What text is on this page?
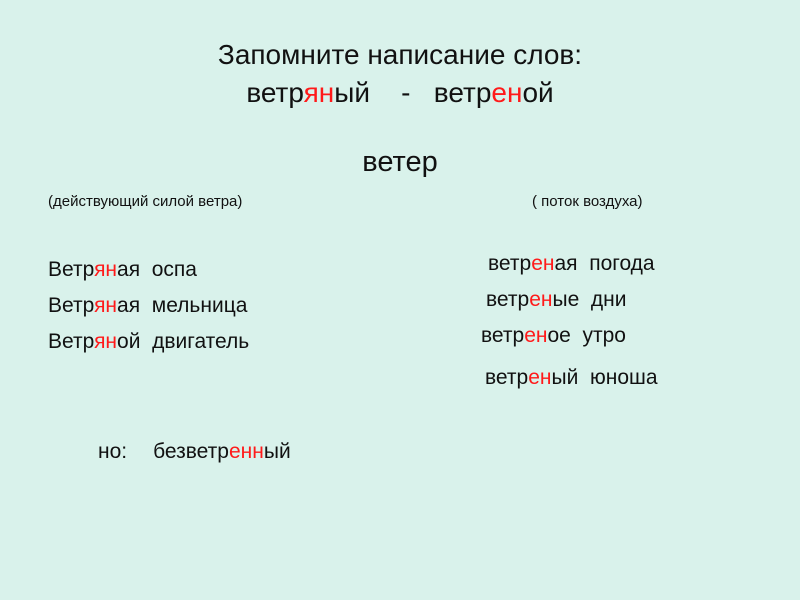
Запомните написание слов:
ветряный    -   ветреной
ветер
(действующий силой ветра)	( поток воздуха)
Ветряная  оспа
Ветряная  мельница
Ветряной  двигатель
ветреная  погода
ветреные  дни
ветреное  утро
ветреный  юноша
но: безветренный
